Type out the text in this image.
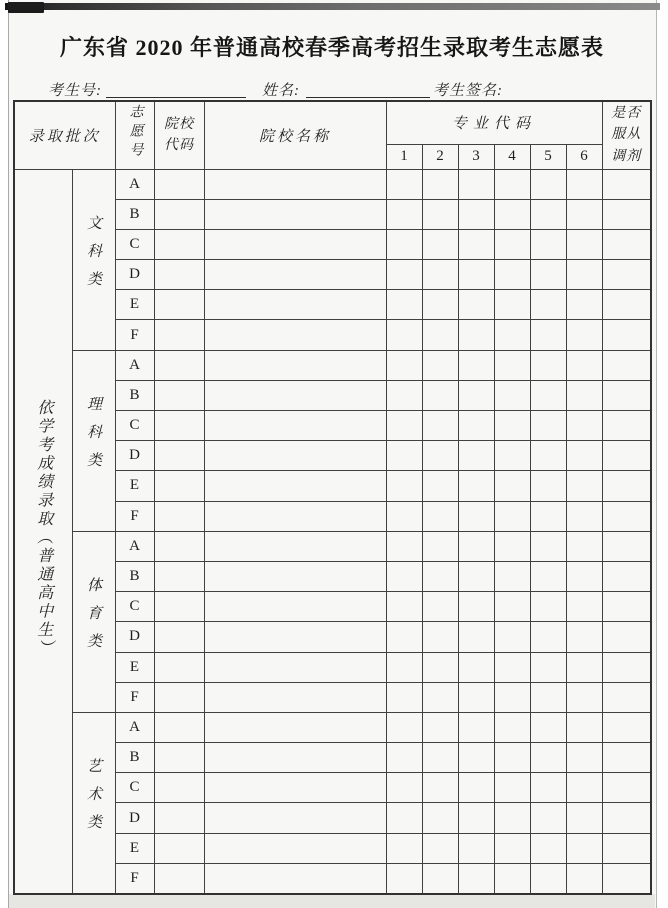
广东省 2020 年普通高校春季高考招生录取考生志愿表
考生号:	姓名:	考生签名:
录取批次		志愿号	院校代码	院校名称	专业代码						是否服从调剂
					1	2	3	4	5	6	
依学考成绩录取（普通高中生）	文科类	A									
		B									
		C									
		D									
		E									
		F									
	理科类	A									
		B									
		C									
		D									
		E									
		F									
	体育类	A									
		B									
		C									
		D									
		E									
		F									
	艺术类	A									
		B									
		C									
		D									
		E									
		F									
